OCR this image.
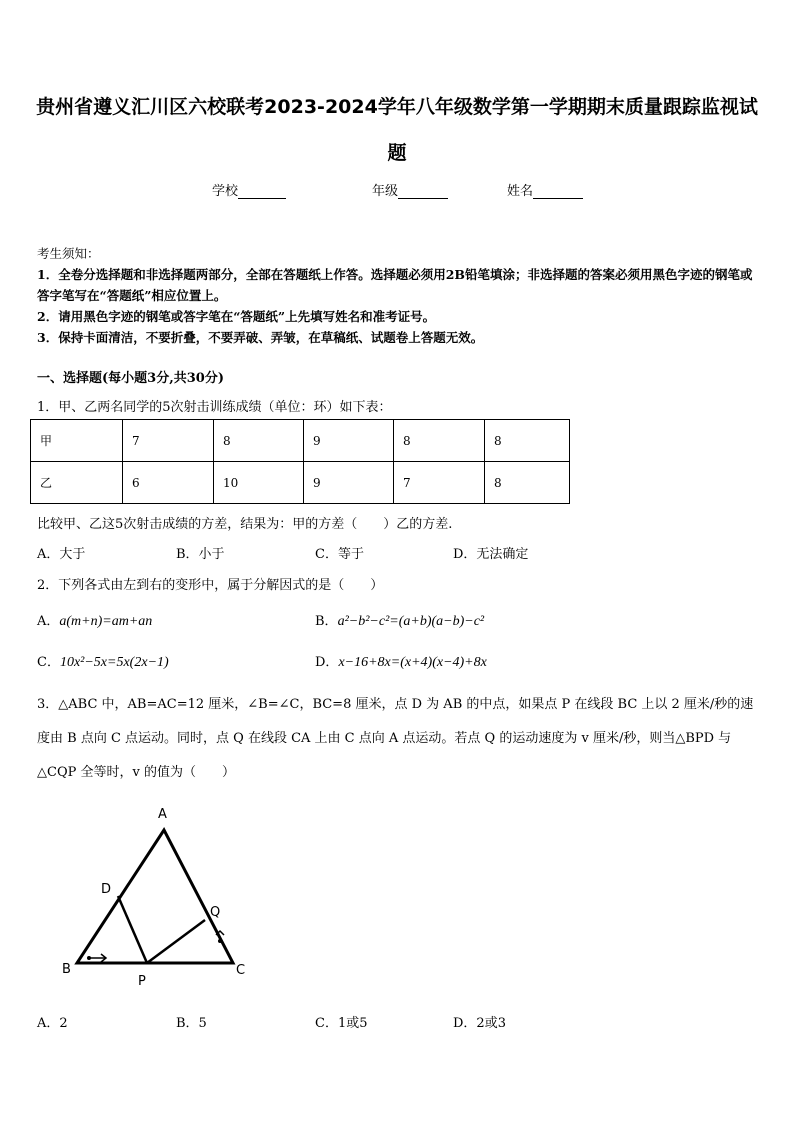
贵州省遵义汇川区六校联考2023-2024学年八年级数学第一学期期末质量跟踪监视试
题
学校	年级	姓名
考生须知：
1．全卷分选择题和非选择题两部分，全部在答题纸上作答。选择题必须用2B铅笔填涂；非选择题的答案必须用黑色字迹的钢笔或答字笔写在“答题纸”相应位置上。
2．请用黑色字迹的钢笔或答字笔在“答题纸”上先填写姓名和准考证号。
3．保持卡面清洁，不要折叠，不要弄破、弄皱，在草稿纸、试题卷上答题无效。
一、选择题(每小题3分,共30分)
1．甲、乙两名同学的5次射击训练成绩（单位：环）如下表：
甲	7	8	9	8	8
乙	6	10	9	7	8
比较甲、乙这5次射击成绩的方差，结果为：甲的方差（　　）乙的方差.
A．大于	B．小于	C．等于	D．无法确定
2．下列各式由左到右的变形中，属于分解因式的是（　　）
A．a(m+n)=am+an	B．a²−b²−c²=(a+b)(a−b)−c²
C．10x²−5x=5x(2x−1)	D．x−16+8x=(x+4)(x−4)+8x
3．△ABC 中，AB=AC=12 厘米，∠B=∠C，BC=8 厘米，点 D 为 AB 的中点，如果点 P 在线段 BC 上以 2 厘米/秒的速度由 B 点向 C 点运动。同时，点 Q 在线段 CA 上由 C 点向 A 点运动。若点 Q 的运动速度为 v 厘米/秒，则当△BPD 与△CQP 全等时，v 的值为（　　）
A
D
Q
B
P
C
A．2	B．5	C．1或5	D．2或3
